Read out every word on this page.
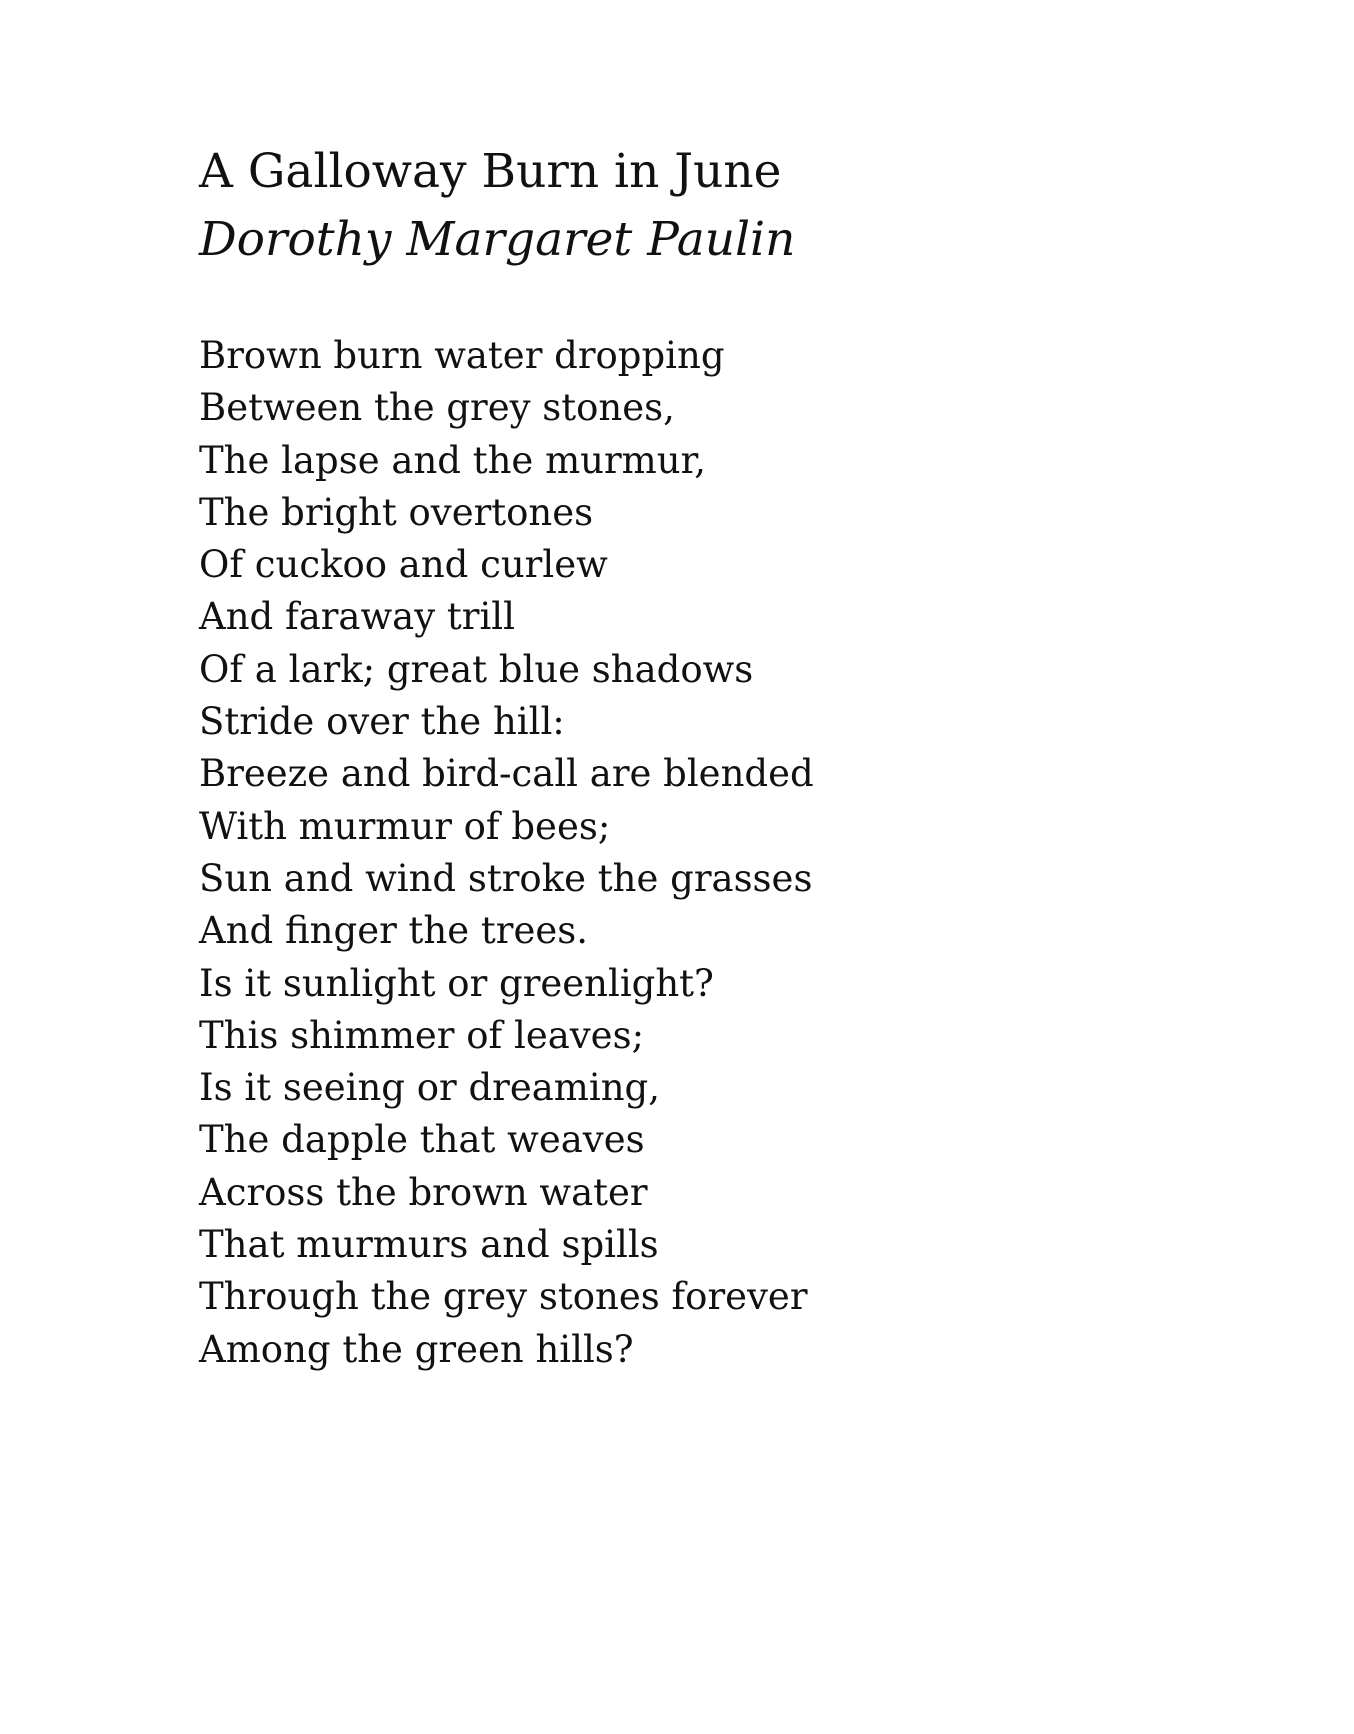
A Galloway Burn in June
Dorothy Margaret Paulin
Brown burn water dropping
Between the grey stones,
The lapse and the murmur,
The bright overtones
Of cuckoo and curlew
And faraway trill
Of a lark; great blue shadows
Stride over the hill:
Breeze and bird-call are blended
With murmur of bees;
Sun and wind stroke the grasses
And finger the trees.
Is it sunlight or greenlight?
This shimmer of leaves;
Is it seeing or dreaming,
The dapple that weaves
Across the brown water
That murmurs and spills
Through the grey stones forever
Among the green hills?
